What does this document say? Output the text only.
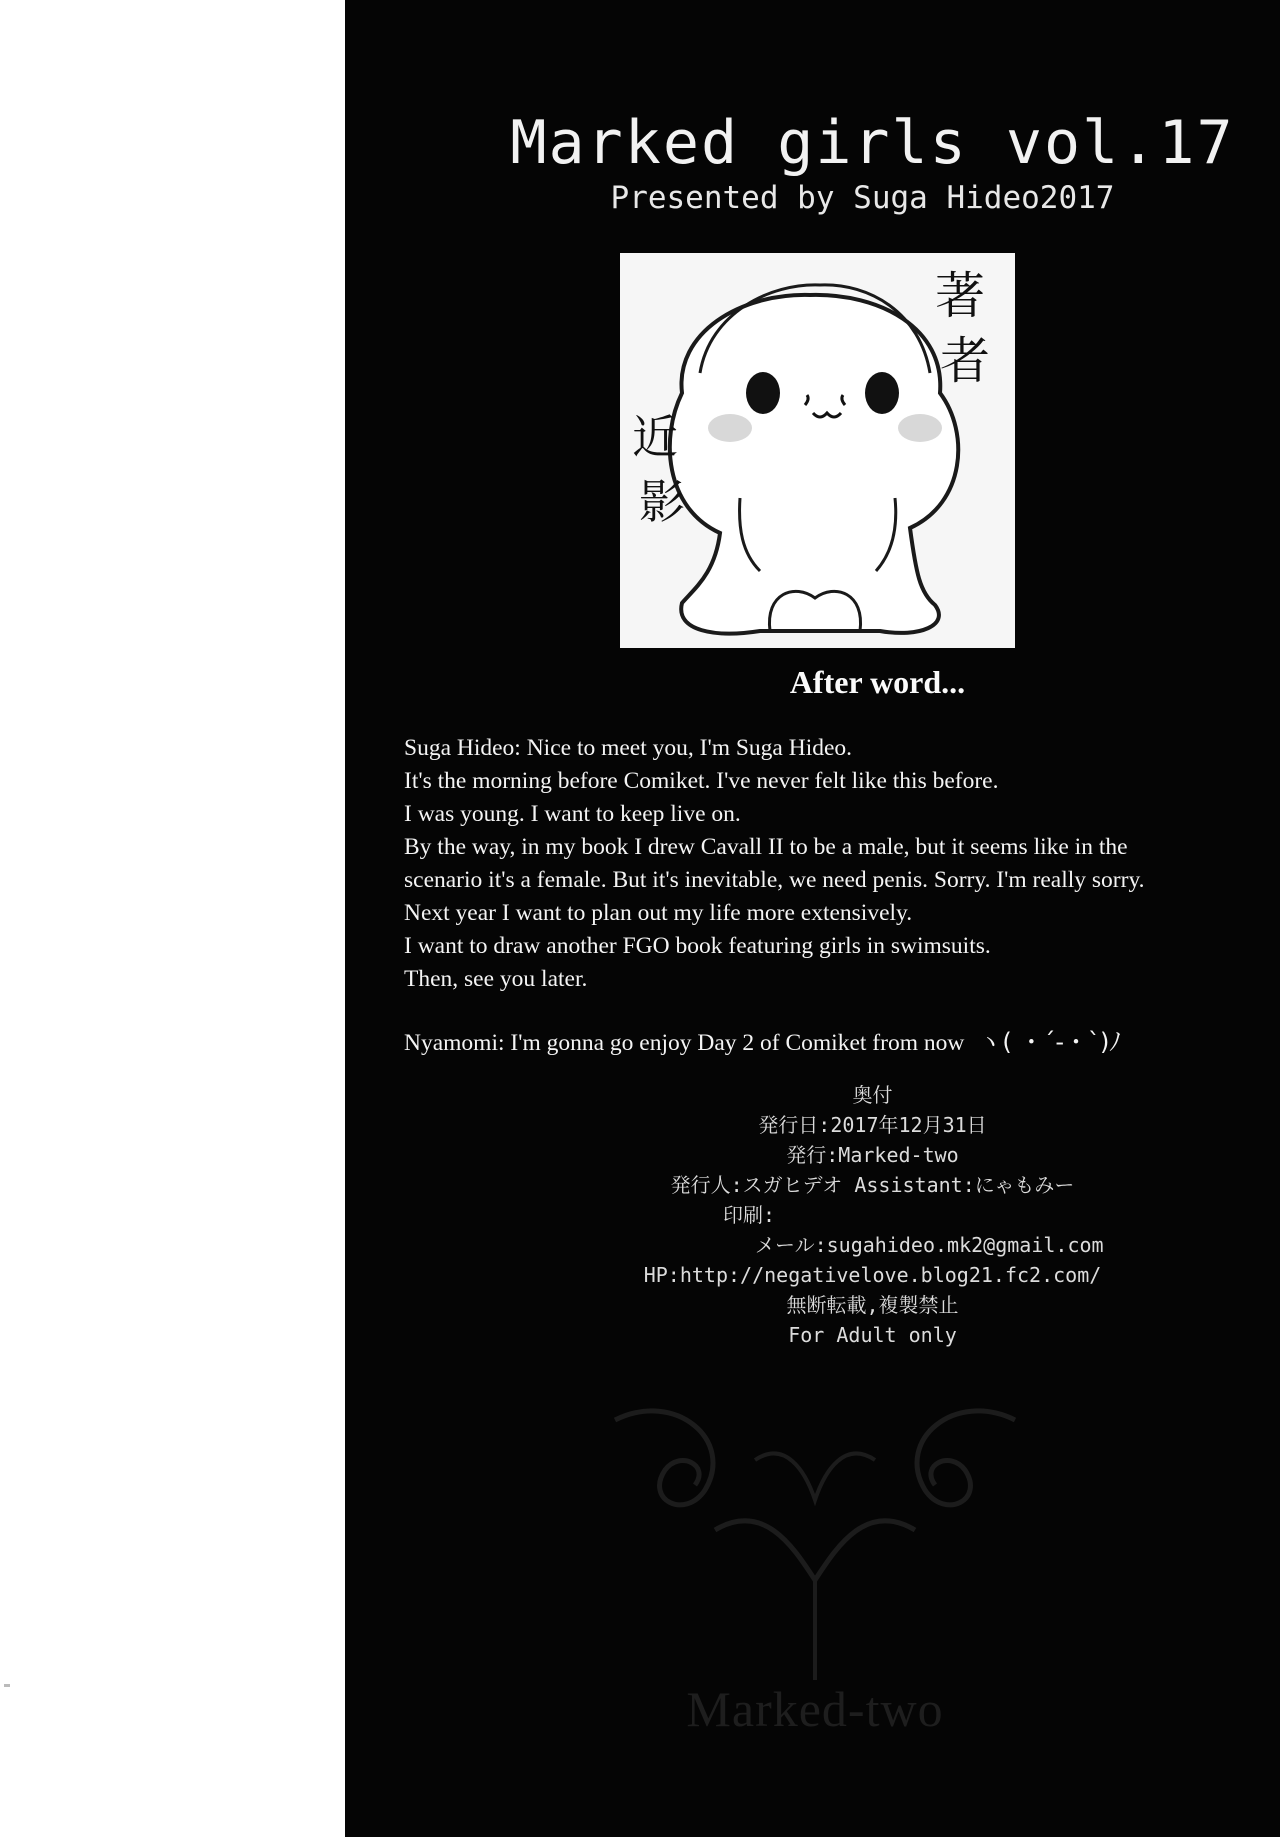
Marked girls vol.17
Presented by Suga Hideo2017
著
者
近
影
After word...
Suga Hideo: Nice to meet you, I'm Suga Hideo.
It's the morning before Comiket. I've never felt like this before.
I was young. I want to keep live on.
By the way, in my book I drew Cavall II to be a male, but it seems like in the
scenario it's a female. But it's inevitable, we need penis. Sorry. I'm really sorry.
Next year I want to plan out my life more extensively.
I want to draw another FGO book featuring girls in swimsuits.
Then, see you later.
Nyamomi: I'm gonna go enjoy Day 2 of Comiket from now ヽ( ・´-・`)ﾉ
奥付
発行日:2017年12月31日
発行:Marked-two
発行人:スガヒデオ Assistant:にゃもみー
印刷:
メール:sugahideo.mk2@gmail.com
HP:http://negativelove.blog21.fc2.com/
無断転載,複製禁止
For Adult only
Marked-two
